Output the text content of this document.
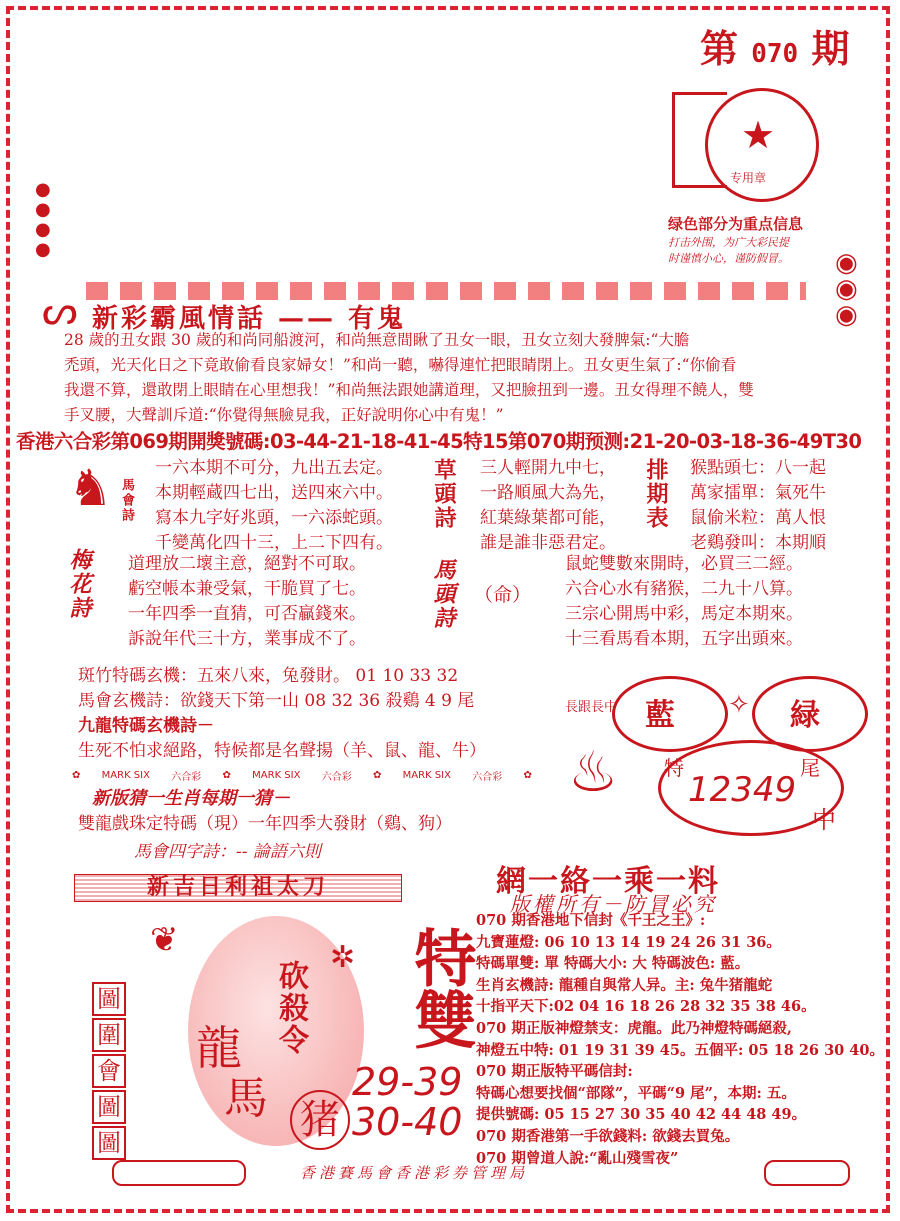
第 070 期
★
专用章
绿色部分为重点信息
打击外围，为广大彩民提
时谨慎小心，谨防假冒。	◉
◉
◉
●
●
●
●
新彩霸風情話 —— 有鬼
ᔕ
28 歲的丑女跟 30 歲的和尚同船渡河，和尚無意間瞅了丑女一眼，丑女立刻大發脾氣:“大膽
禿頭，光天化日之下竟敢偷看良家婦女！”和尚一聽，嚇得連忙把眼睛閉上。丑女更生氣了:“你偷看
我還不算，還敢閉上眼睛在心里想我！”和尚無法跟她講道理，又把臉扭到一邊。丑女得理不饒人，雙
手叉腰，大聲訓斥道:“你覺得無臉見我，正好說明你心中有鬼！”
香港六合彩第069期開獎號碼:03-44-21-18-41-45特15第070期预测:21-20-03-18-36-49T30
♞ 馬會詩
一六本期不可分，九出五去定。
本期輕蔵四七出，送四來六中。
寫本九字好兆頭，一六添蛇頭。
千變萬化四十三，上二下四有。
草頭詩 三人輕開九中七，
一路順風大為先，
紅葉綠葉都可能，
誰是誰非惡君定。
排期表 猴點頭七：八一起
萬家擂單：氣死牛
鼠偷米粒：萬人恨
老鷄發叫：本期順
梅花詩 道理放二壞主意，絕對不可取。
虧空帳本兼受氣，干脆買了七。
一年四季一直猜，可否贏錢來。
訴說年代三十方，業事成不了。
馬頭詩 （命）
鼠蛇雙數來開時，必買三二經。
六合心水有豬猴，二九十八算。
三宗心開馬中彩，馬定本期來。
十三看馬看本期，五字出頭來。
斑竹特碼玄機：五來八來，兔發財。 01 10 33 32
馬會玄機詩：欲錢天下第一山 08 32 36 殺鷄 4 9 尾
九龍特碼玄機詩－
生死不怕求絕路，特候都是名聲揚（羊、鼠、龍、牛）
✿ MARK SIX 六合彩 ✿ MARK SIX 六合彩 ✿ MARK SIX 六合彩 ✿
新版猜一生肖每期一猜－
雙龍戲珠定特碼（現）一年四季大發財（鷄、狗）
馬會四字詩：-- 論語六則
長跟長中 藍	緑
✧
特	尾
12349
中
♨
網一絡一乘一料
版權所有－防冒必究
新吉日利祖太刀
圖
圍
會
圖
圖
龍 砍殺令
馬 猪
特雙
29-39
30-40
❦	✲
070 期香港地下信封《千王之王》:
九寶蓮燈: 06 10 13 14 19 24 26 31 36。
特碼單雙: 單 特碼大小: 大 特碼波色: 藍。
生肖玄機詩: 龍種自與常人异。主: 兔牛猪龍蛇
十指平天下:02 04 16 18 26 28 32 35 38 46。
070 期正版神燈禁支：虎龍。此乃神燈特碼絕殺,
神燈五中特: 01 19 31 39 45。五個平: 05 18 26 30 40。
070 期正版特平碼信封:
特碼心想要找個“部隊”，平碼“9 尾”，本期: 五。
提供號碼: 05 15 27 30 35 40 42 44 48 49。
070 期香港第一手欲錢料: 欲錢去買兔。
070 期曾道人說:“亂山殘雪夜”
香港賽馬會香港彩券管理局
